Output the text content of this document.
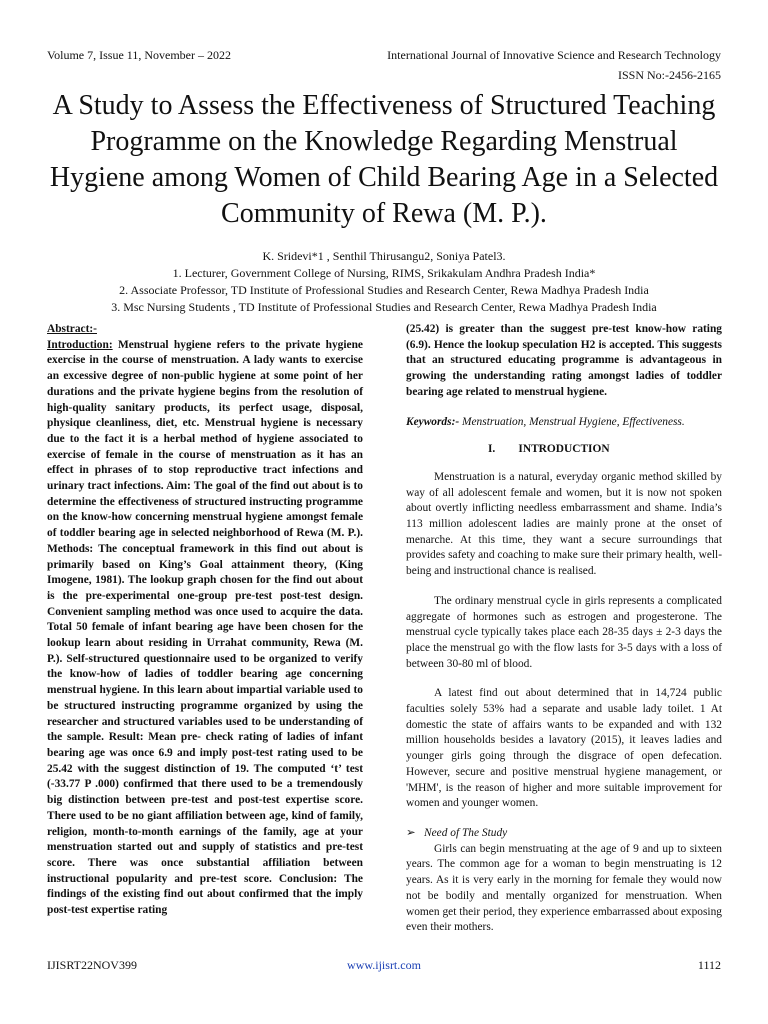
Volume 7, Issue 11, November – 2022	International Journal of Innovative Science and Research Technology
ISSN No:-2456-2165
A Study to Assess the Effectiveness of Structured Teaching Programme on the Knowledge Regarding Menstrual Hygiene among Women of Child Bearing Age in a Selected Community of Rewa (M. P.).
K. Sridevi*1 , Senthil Thirusangu2, Soniya Patel3.
1. Lecturer, Government College of Nursing, RIMS, Srikakulam Andhra Pradesh India*
2. Associate Professor, TD Institute of Professional Studies and Research Center, Rewa Madhya Pradesh India
3. Msc Nursing Students , TD Institute of Professional Studies and Research Center, Rewa Madhya Pradesh India
Abstract:-
Introduction: Menstrual hygiene refers to the private hygiene exercise in the course of menstruation. A lady wants to exercise an excessive degree of non-public hygiene at some point of her durations and the private hygiene begins from the resolution of high-quality sanitary products, its perfect usage, disposal, physique cleanliness, diet, etc. Menstrual hygiene is necessary due to the fact it is a herbal method of hygiene associated to exercise of female in the course of menstruation as it has an effect in phrases of to stop reproductive tract infections and urinary tract infections. Aim: The goal of the find out about is to determine the effectiveness of structured instructing programme on the know-how concerning menstrual hygiene amongst female of toddler bearing age in selected neighborhood of Rewa (M. P.). Methods: The conceptual framework in this find out about is primarily based on King’s Goal attainment theory, (King Imogene, 1981). The lookup graph chosen for the find out about is the pre-experimental one-group pre-test post-test design. Convenient sampling method was once used to acquire the data. Total 50 female of infant bearing age have been chosen for the lookup learn about residing in Urrahat community, Rewa (M. P.). Self-structured questionnaire used to be organized to verify the know-how of ladies of toddler bearing age concerning menstrual hygiene. In this learn about impartial variable used to be structured instructing programme organized by using the researcher and structured variables used to be understanding of the sample. Result: Mean pre- check rating of ladies of infant bearing age was once 6.9 and imply post-test rating used to be 25.42 with the suggest distinction of 19. The computed ‘t’ test (-33.77 P .000) confirmed that there used to be a tremendously big distinction between pre-test and post-test expertise score. There used to be no giant affiliation between age, kind of family, religion, month-to-month earnings of the family, age at your menstruation started out and supply of statistics and pre-test score. There was once substantial affiliation between instructional popularity and pre-test score. Conclusion: The findings of the existing find out about confirmed that the imply post-test expertise rating
(25.42) is greater than the suggest pre-test know-how rating (6.9). Hence the lookup speculation H2 is accepted. This suggests that an structured educating programme is advantageous in growing the understanding rating amongst ladies of toddler bearing age related to menstrual hygiene.
Keywords:- Menstruation, Menstrual Hygiene, Effectiveness.
I. INTRODUCTION
Menstruation is a natural, everyday organic method skilled by way of all adolescent female and women, but it is now not spoken about overtly inflicting needless embarrassment and shame. India’s 113 million adolescent ladies are mainly prone at the onset of menarche. At this time, they want a secure surroundings that provides safety and coaching to make sure their primary health, well-being and instructional chance is realised.
The ordinary menstrual cycle in girls represents a complicated aggregate of hormones such as estrogen and progesterone. The menstrual cycle typically takes place each 28-35 days ± 2-3 days the place the menstrual go with the flow lasts for 3-5 days with a loss of between 30-80 ml of blood.
A latest find out about determined that in 14,724 public faculties solely 53% had a separate and usable lady toilet. 1 At domestic the state of affairs wants to be expanded and with 132 million households besides a lavatory (2015), it leaves ladies and younger girls going through the disgrace of open defecation. However, secure and positive menstrual hygiene management, or 'MHM', is the reason of higher and more suitable improvement for women and younger women.
➢ Need of The Study
Girls can begin menstruating at the age of 9 and up to sixteen years. The common age for a woman to begin menstruating is 12 years. As it is very early in the morning for female they would now not be bodily and mentally organized for menstruation. When women get their period, they experience embarrassed about exposing even their mothers.
IJISRT22NOV399	www.ijisrt.com	1112
